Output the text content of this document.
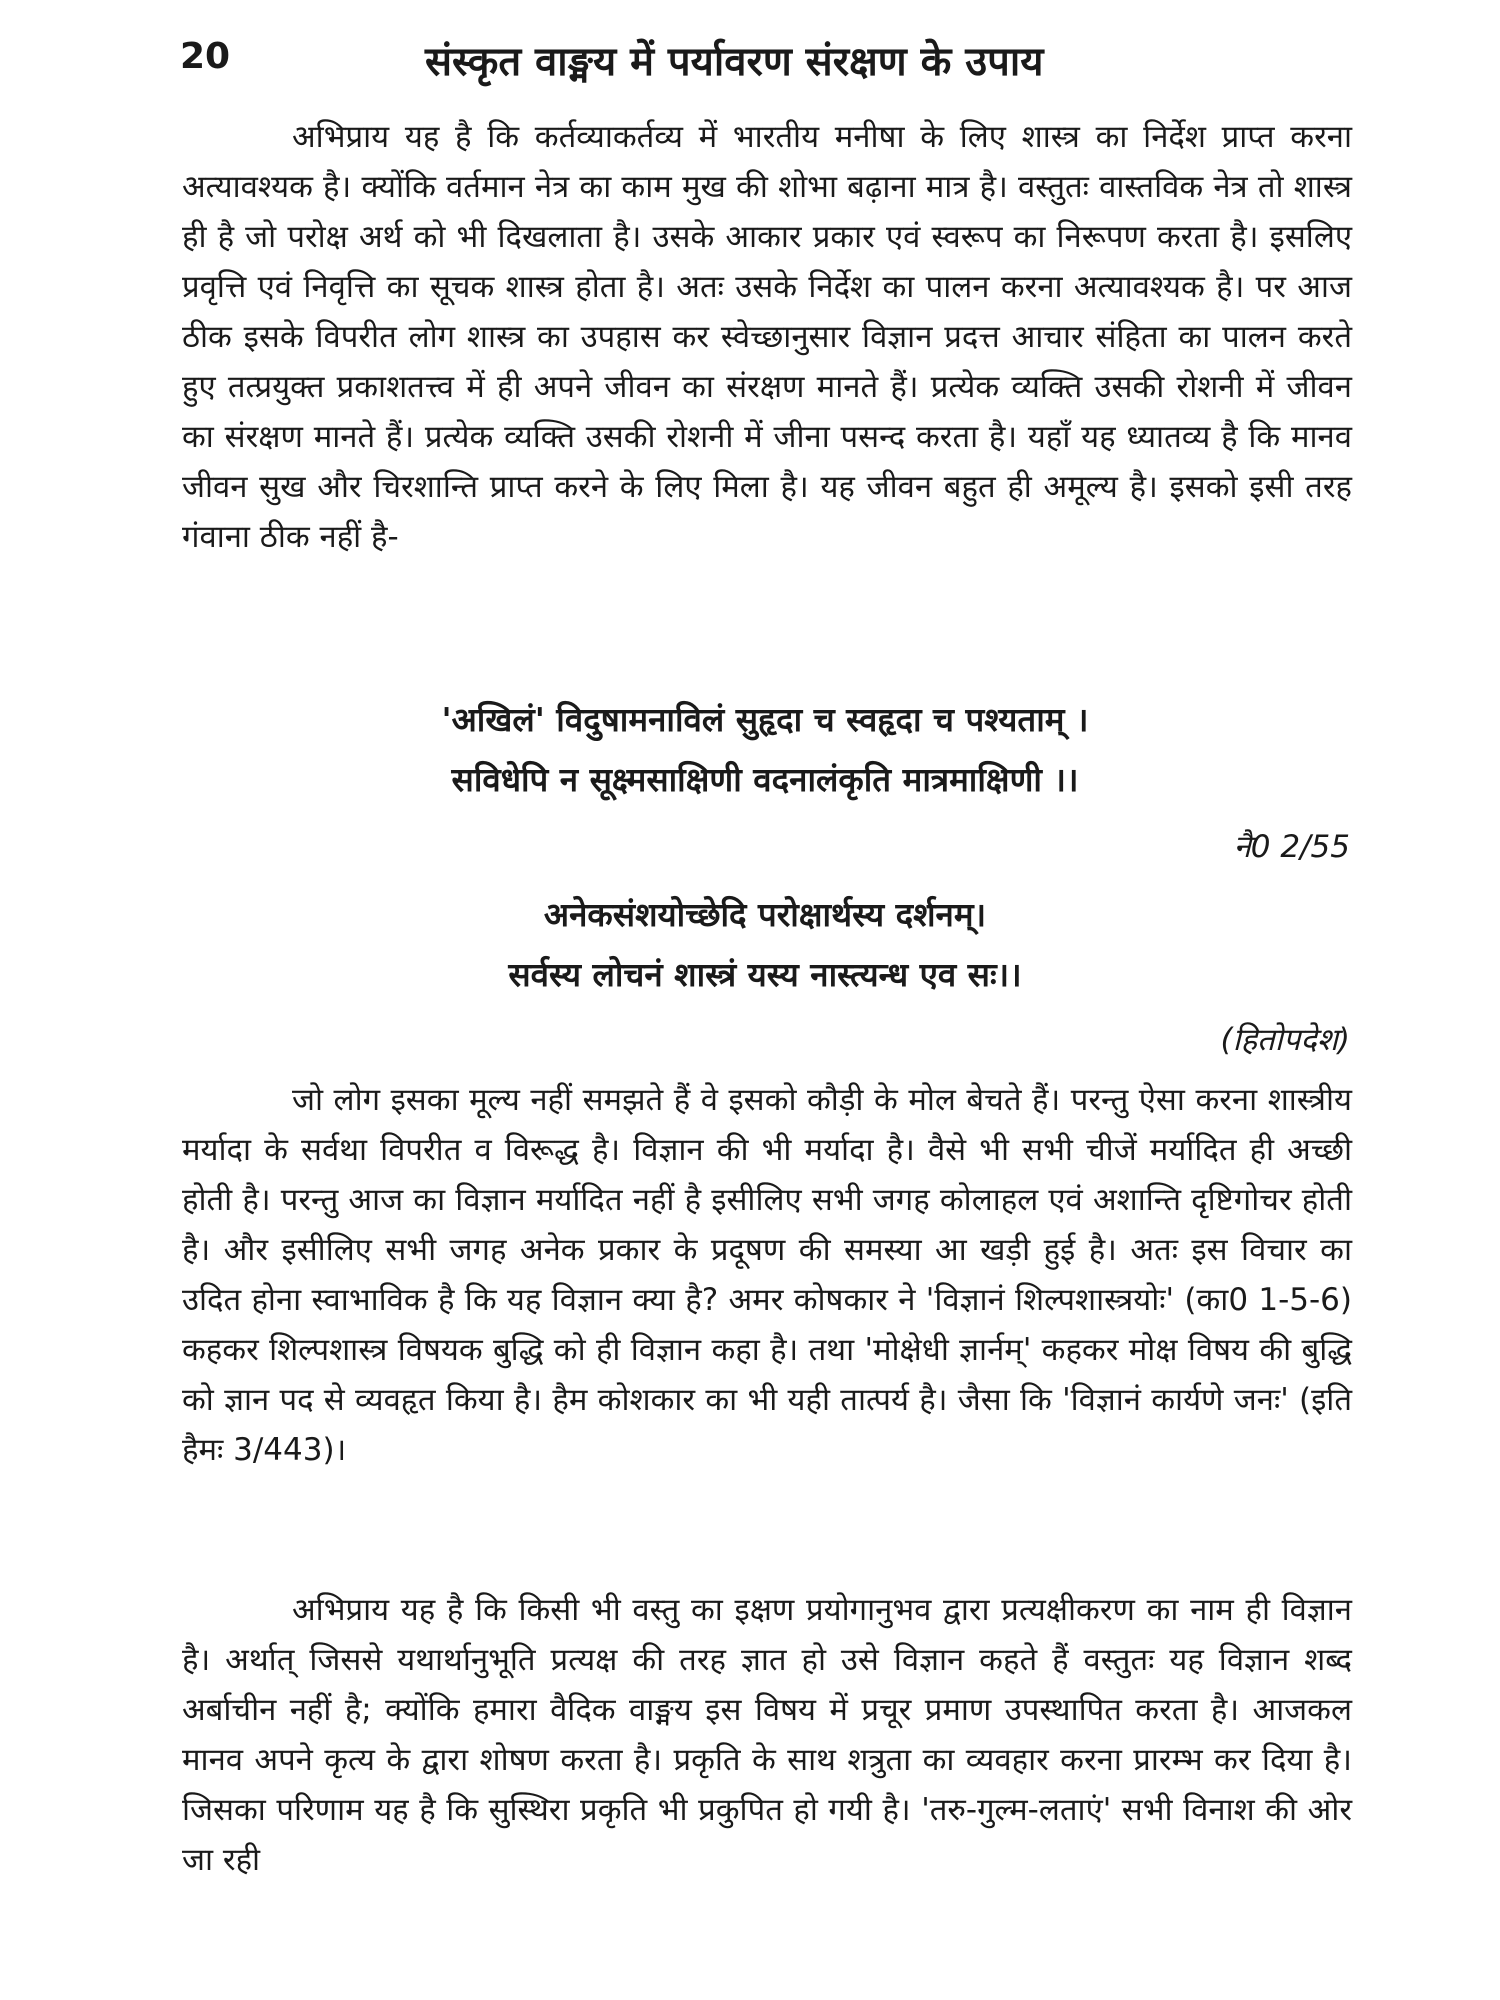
20	संस्कृत वाङ्मय में पर्यावरण संरक्षण के उपाय

अभिप्राय यह है कि कर्तव्याकर्तव्य में भारतीय मनीषा के लिए शास्त्र का निर्देश प्राप्त करना अत्यावश्यक है। क्योंकि वर्तमान नेत्र का काम मुख की शोभा बढ़ाना मात्र है। वस्तुतः वास्तविक नेत्र तो शास्त्र ही है जो परोक्ष अर्थ को भी दिखलाता है। उसके आकार प्रकार एवं स्वरूप का निरूपण करता है। इसलिए प्रवृत्ति एवं निवृत्ति का सूचक शास्त्र होता है। अतः उसके निर्देश का पालन करना अत्यावश्यक है। पर आज ठीक इसके विपरीत लोग शास्त्र का उपहास कर स्वेच्छानुसार विज्ञान प्रदत्त आचार संहिता का पालन करते हुए तत्प्रयुक्त प्रकाशतत्त्व में ही अपने जीवन का संरक्षण मानते हैं। प्रत्येक व्यक्ति उसकी रोशनी में जीवन का संरक्षण मानते हैं। प्रत्येक व्यक्ति उसकी रोशनी में जीना पसन्द करता है। यहाँ यह ध्यातव्य है कि मानव जीवन सुख और चिरशान्ति प्राप्त करने के लिए मिला है। यह जीवन बहुत ही अमूल्य है। इसको इसी तरह गंवाना ठीक नहीं है-

'अखिलं' विदुषामनाविलं सुहृदा च स्वहृदा च पश्यताम् ।
सविधेपि न सूक्ष्मसाक्षिणी वदनालंकृति मात्रमाक्षिणी ।।

नै0 2/55

अनेकसंशयोच्छेदि परोक्षार्थस्य दर्शनम्।
सर्वस्य लोचनं शास्त्रं यस्य नास्त्यन्ध एव सः।।

(हितोपदेश)

जो लोग इसका मूल्य नहीं समझते हैं वे इसको कौड़ी के मोल बेचते हैं। परन्तु ऐसा करना शास्त्रीय मर्यादा के सर्वथा विपरीत व विरूद्ध है। विज्ञान की भी मर्यादा है। वैसे भी सभी चीजें मर्यादित ही अच्छी होती है। परन्तु आज का विज्ञान मर्यादित नहीं है इसीलिए सभी जगह कोलाहल एवं अशान्ति दृष्टिगोचर होती है। और इसीलिए सभी जगह अनेक प्रकार के प्रदूषण की समस्या आ खड़ी हुई है। अतः इस विचार का उदित होना स्वाभाविक है कि यह विज्ञान क्या है? अमर कोषकार ने 'विज्ञानं शिल्पशास्त्रयोः' (का0 1-5-6) कहकर शिल्पशास्त्र विषयक बुद्धि को ही विज्ञान कहा है। तथा 'मोक्षेधी ज्ञार्नम्' कहकर मोक्ष विषय की बुद्धि को ज्ञान पद से व्यवहृत किया है। हैम कोशकार का भी यही तात्पर्य है। जैसा कि 'विज्ञानं कार्यणे जनः' (इति हैमः 3/443)।

अभिप्राय यह है कि किसी भी वस्तु का इक्षण प्रयोगानुभव द्वारा प्रत्यक्षीकरण का नाम ही विज्ञान है। अर्थात् जिससे यथार्थानुभूति प्रत्यक्ष की तरह ज्ञात हो उसे विज्ञान कहते हैं वस्तुतः यह विज्ञान शब्द अर्बाचीन नहीं है; क्योंकि हमारा वैदिक वाङ्मय इस विषय में प्रचूर प्रमाण उपस्थापित करता है। आजकल मानव अपने कृत्य के द्वारा शोषण करता है। प्रकृति के साथ शत्रुता का व्यवहार करना प्रारम्भ कर दिया है। जिसका परिणाम यह है कि सुस्थिरा प्रकृति भी प्रकुपित हो गयी है। 'तरु-गुल्म-लताएं' सभी विनाश की ओर जा रही
